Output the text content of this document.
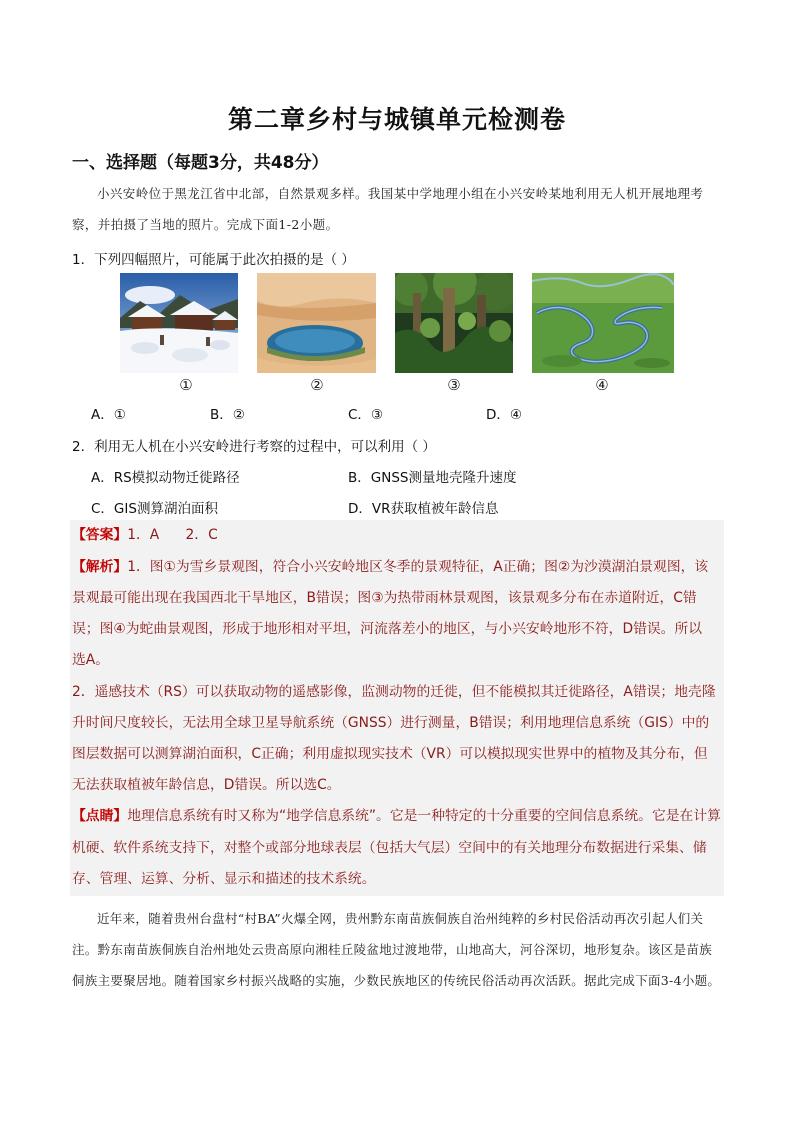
第二章乡村与城镇单元检测卷
一、选择题（每题3分，共48分）
小兴安岭位于黑龙江省中北部，自然景观多样。我国某中学地理小组在小兴安岭某地利用无人机开展地理考察，并拍摄了当地的照片。完成下面1-2小题。
1．下列四幅照片，可能属于此次拍摄的是（ ）
①	②	③	④
A．①	B．②	C．③	D．④
2．利用无人机在小兴安岭进行考察的过程中，可以利用（ ）
A．RS模拟动物迁徙路径	B．GNSS测量地壳隆升速度
C．GIS测算湖泊面积	D．VR获取植被年龄信息
【答案】1．A      2．C
【解析】1．图①为雪乡景观图，符合小兴安岭地区冬季的景观特征，A正确；图②为沙漠湖泊景观图，该
景观最可能出现在我国西北干旱地区，B错误；图③为热带雨林景观图，该景观多分布在赤道附近，C错
误；图④为蛇曲景观图，形成于地形相对平坦，河流落差小的地区，与小兴安岭地形不符，D错误。所以
选A。
2．遥感技术（RS）可以获取动物的遥感影像，监测动物的迁徙，但不能模拟其迁徙路径，A错误；地壳隆
升时间尺度较长，无法用全球卫星导航系统（GNSS）进行测量，B错误；利用地理信息系统（GIS）中的
图层数据可以测算湖泊面积，C正确；利用虚拟现实技术（VR）可以模拟现实世界中的植物及其分布，但
无法获取植被年龄信息，D错误。所以选C。
【点睛】地理信息系统有时又称为“地学信息系统”。它是一种特定的十分重要的空间信息系统。它是在计算
机硬、软件系统支持下，对整个或部分地球表层（包括大气层）空间中的有关地理分布数据进行采集、储
存、管理、运算、分析、显示和描述的技术系统。
近年来，随着贵州台盘村“村BA”火爆全网，贵州黔东南苗族侗族自治州纯粹的乡村民俗活动再次引起人们关注。黔东南苗族侗族自治州地处云贵高原向湘桂丘陵盆地过渡地带，山地高大，河谷深切，地形复杂。该区是苗族侗族主要聚居地。随着国家乡村振兴战略的实施，少数民族地区的传统民俗活动再次活跃。据此完成下面3-4小题。
